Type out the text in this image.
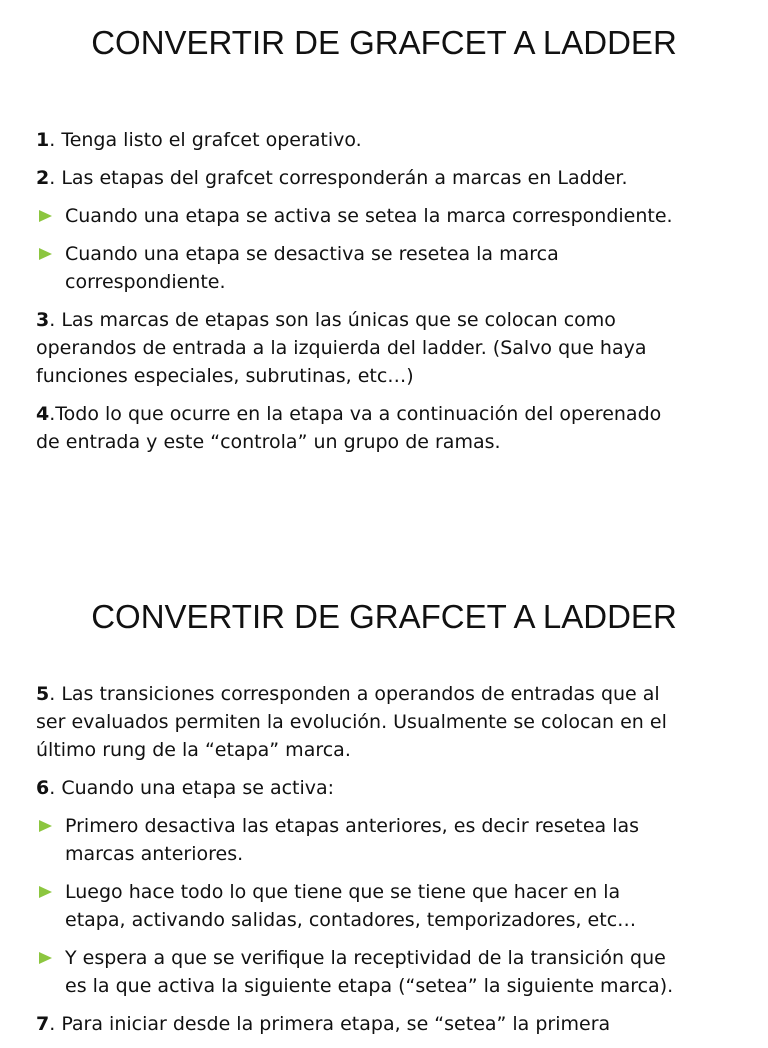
CONVERTIR DE GRAFCET A LADDER
1. Tenga listo el grafcet operativo.
2. Las etapas del grafcet corresponderán a marcas en Ladder.
Cuando una etapa se activa se setea la marca correspondiente.
Cuando una etapa se desactiva se resetea la marca
correspondiente.
3. Las marcas de etapas son las únicas que se colocan como
operandos de entrada a la izquierda del ladder. (Salvo que haya
funciones especiales, subrutinas, etc…)
4.Todo lo que ocurre en la etapa va a continuación del operenado
de entrada y este “controla” un grupo de ramas.
CONVERTIR DE GRAFCET A LADDER
5. Las transiciones corresponden a operandos de entradas que al
ser evaluados permiten la evolución. Usualmente se colocan en el
último rung de la “etapa” marca.
6. Cuando una etapa se activa:
Primero desactiva las etapas anteriores, es decir resetea las
marcas anteriores.
Luego hace todo lo que tiene que se tiene que hacer en la
etapa, activando salidas, contadores, temporizadores, etc…
Y espera a que se verifique la receptividad de la transición que
es la que activa la siguiente etapa (“setea” la siguiente marca).
7. Para iniciar desde la primera etapa, se “setea” la primera
